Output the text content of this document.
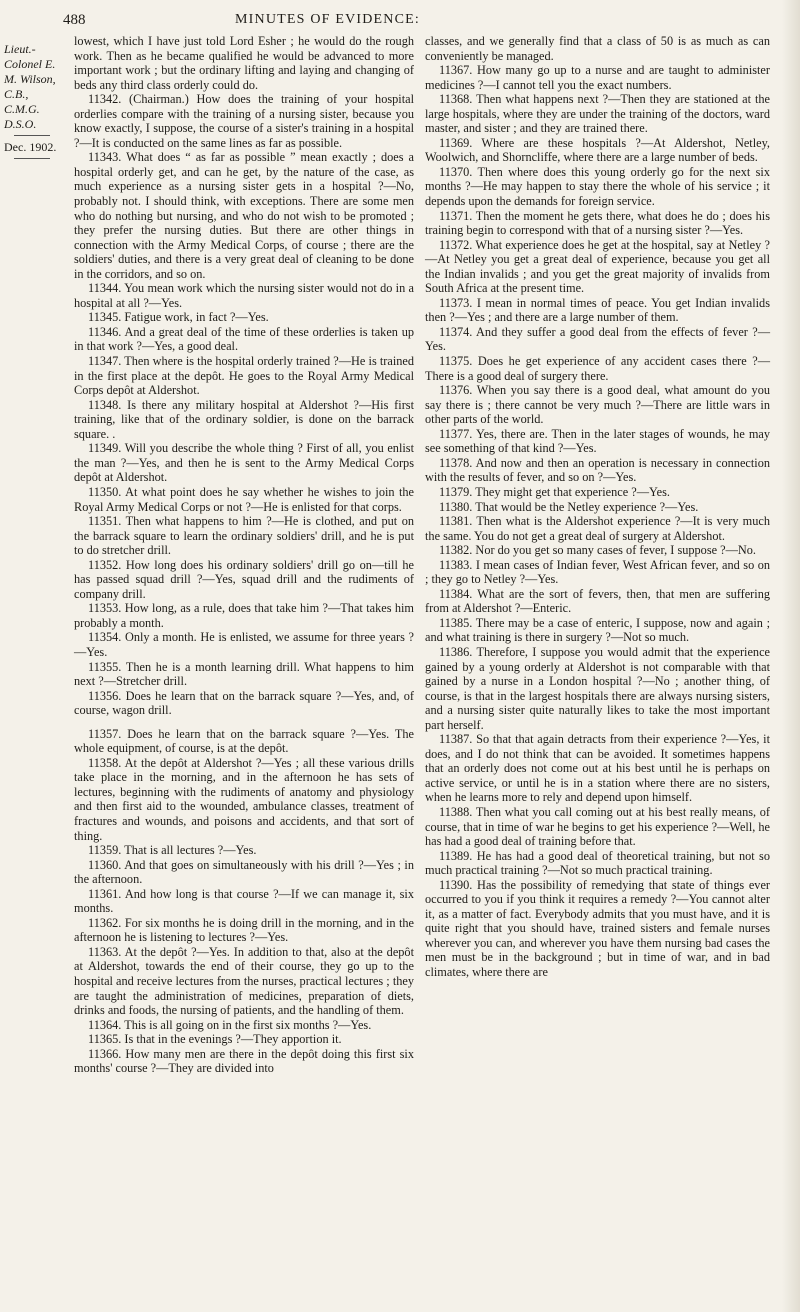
488	MINUTES OF EVIDENCE:
Lieut.-
Colonel E.
M. Wilson,
C.B., C.M.G.
D.S.O.
Dec. 1902.

lowest, which I have just told Lord Esher ; he would do the rough work. Then as he became qualified he would be advanced to more important work ; but the ordinary lifting and laying and changing of beds any third class orderly could do.

11342. (Chairman.) How does the training of your hospital orderlies compare with the training of a nursing sister, because you know exactly, I suppose, the course of a sister's training in a hospital ?—It is conducted on the same lines as far as possible.

11343. What does “ as far as possible ” mean exactly ; does a hospital orderly get, and can he get, by the nature of the case, as much experience as a nursing sister gets in a hospital ?—No, probably not. I should think, with exceptions. There are some men who do nothing but nursing, and who do not wish to be promoted ; they prefer the nursing duties. But there are other things in connection with the Army Medical Corps, of course ; there are the soldiers' duties, and there is a very great deal of cleaning to be done in the corridors, and so on.

11344. You mean work which the nursing sister would not do in a hospital at all ?—Yes.

11345. Fatigue work, in fact ?—Yes.

11346. And a great deal of the time of these orderlies is taken up in that work ?—Yes, a good deal.

11347. Then where is the hospital orderly trained ?—He is trained in the first place at the depôt. He goes to the Royal Army Medical Corps depôt at Aldershot.

11348. Is there any military hospital at Aldershot ?—His first training, like that of the ordinary soldier, is done on the barrack square. .

11349. Will you describe the whole thing ? First of all, you enlist the man ?—Yes, and then he is sent to the Army Medical Corps depôt at Aldershot.

11350. At what point does he say whether he wishes to join the Royal Army Medical Corps or not ?—He is enlisted for that corps.

11351. Then what happens to him ?—He is clothed, and put on the barrack square to learn the ordinary soldiers' drill, and he is put to do stretcher drill.

11352. How long does his ordinary soldiers' drill go on—till he has passed squad drill ?—Yes, squad drill and the rudiments of company drill.

11353. How long, as a rule, does that take him ?—That takes him probably a month.

11354. Only a month. He is enlisted, we assume for three years ?—Yes.

11355. Then he is a month learning drill. What happens to him next ?—Stretcher drill.

11356. Does he learn that on the barrack square ?—Yes, and, of course, wagon drill.

11357. Does he learn that on the barrack square ?—Yes. The whole equipment, of course, is at the depôt.

11358. At the depôt at Aldershot ?—Yes ; all these various drills take place in the morning, and in the afternoon he has sets of lectures, beginning with the rudiments of anatomy and physiology and then first aid to the wounded, ambulance classes, treatment of fractures and wounds, and poisons and accidents, and that sort of thing.

11359. That is all lectures ?—Yes.

11360. And that goes on simultaneously with his drill ?—Yes ; in the afternoon.

11361. And how long is that course ?—If we can manage it, six months.

11362. For six months he is doing drill in the morning, and in the afternoon he is listening to lectures ?—Yes.

11363. At the depôt ?—Yes. In addition to that, also at the depôt at Aldershot, towards the end of their course, they go up to the hospital and receive lectures from the nurses, practical lectures ; they are taught the administration of medicines, preparation of diets, drinks and foods, the nursing of patients, and the handling of them.

11364. This is all going on in the first six months ?—Yes.

11365. Is that in the evenings ?—They apportion it.

11366. How many men are there in the depôt doing this first six months' course ?—They are divided into

classes, and we generally find that a class of 50 is as much as can conveniently be managed.

11367. How many go up to a nurse and are taught to administer medicines ?—I cannot tell you the exact numbers.

11368. Then what happens next ?—Then they are stationed at the large hospitals, where they are under the training of the doctors, ward master, and sister ; and they are trained there.

11369. Where are these hospitals ?—At Aldershot, Netley, Woolwich, and Shorncliffe, where there are a large number of beds.

11370. Then where does this young orderly go for the next six months ?—He may happen to stay there the whole of his service ; it depends upon the demands for foreign service.

11371. Then the moment he gets there, what does he do ; does his training begin to correspond with that of a nursing sister ?—Yes.

11372. What experience does he get at the hospital, say at Netley ?—At Netley you get a great deal of experience, because you get all the Indian invalids ; and you get the great majority of invalids from South Africa at the present time.

11373. I mean in normal times of peace. You get Indian invalids then ?—Yes ; and there are a large number of them.

11374. And they suffer a good deal from the effects of fever ?—Yes.

11375. Does he get experience of any accident cases there ?—There is a good deal of surgery there.

11376. When you say there is a good deal, what amount do you say there is ; there cannot be very much ?—There are little wars in other parts of the world.

11377. Yes, there are. Then in the later stages of wounds, he may see something of that kind ?—Yes.

11378. And now and then an operation is necessary in connection with the results of fever, and so on ?—Yes.

11379. They might get that experience ?—Yes.

11380. That would be the Netley experience ?—Yes.

11381. Then what is the Aldershot experience ?—It is very much the same. You do not get a great deal of surgery at Aldershot.

11382. Nor do you get so many cases of fever, I suppose ?—No.

11383. I mean cases of Indian fever, West African fever, and so on ; they go to Netley ?—Yes.

11384. What are the sort of fevers, then, that men are suffering from at Aldershot ?—Enteric.

11385. There may be a case of enteric, I suppose, now and again ; and what training is there in surgery ?—Not so much.

11386. Therefore, I suppose you would admit that the experience gained by a young orderly at Aldershot is not comparable with that gained by a nurse in a London hospital ?—No ; another thing, of course, is that in the largest hospitals there are always nursing sisters, and a nursing sister quite naturally likes to take the most important part herself.

11387. So that that again detracts from their experience ?—Yes, it does, and I do not think that can be avoided. It sometimes happens that an orderly does not come out at his best until he is perhaps on active service, or until he is in a station where there are no sisters, when he learns more to rely and depend upon himself.

11388. Then what you call coming out at his best really means, of course, that in time of war he begins to get his experience ?—Well, he has had a good deal of training before that.

11389. He has had a good deal of theoretical training, but not so much practical training ?—Not so much practical training.

11390. Has the possibility of remedying that state of things ever occurred to you if you think it requires a remedy ?—You cannot alter it, as a matter of fact. Everybody admits that you must have, and it is quite right that you should have, trained sisters and female nurses wherever you can, and wherever you have them nursing bad cases the men must be in the background ; but in time of war, and in bad climates, where there are
